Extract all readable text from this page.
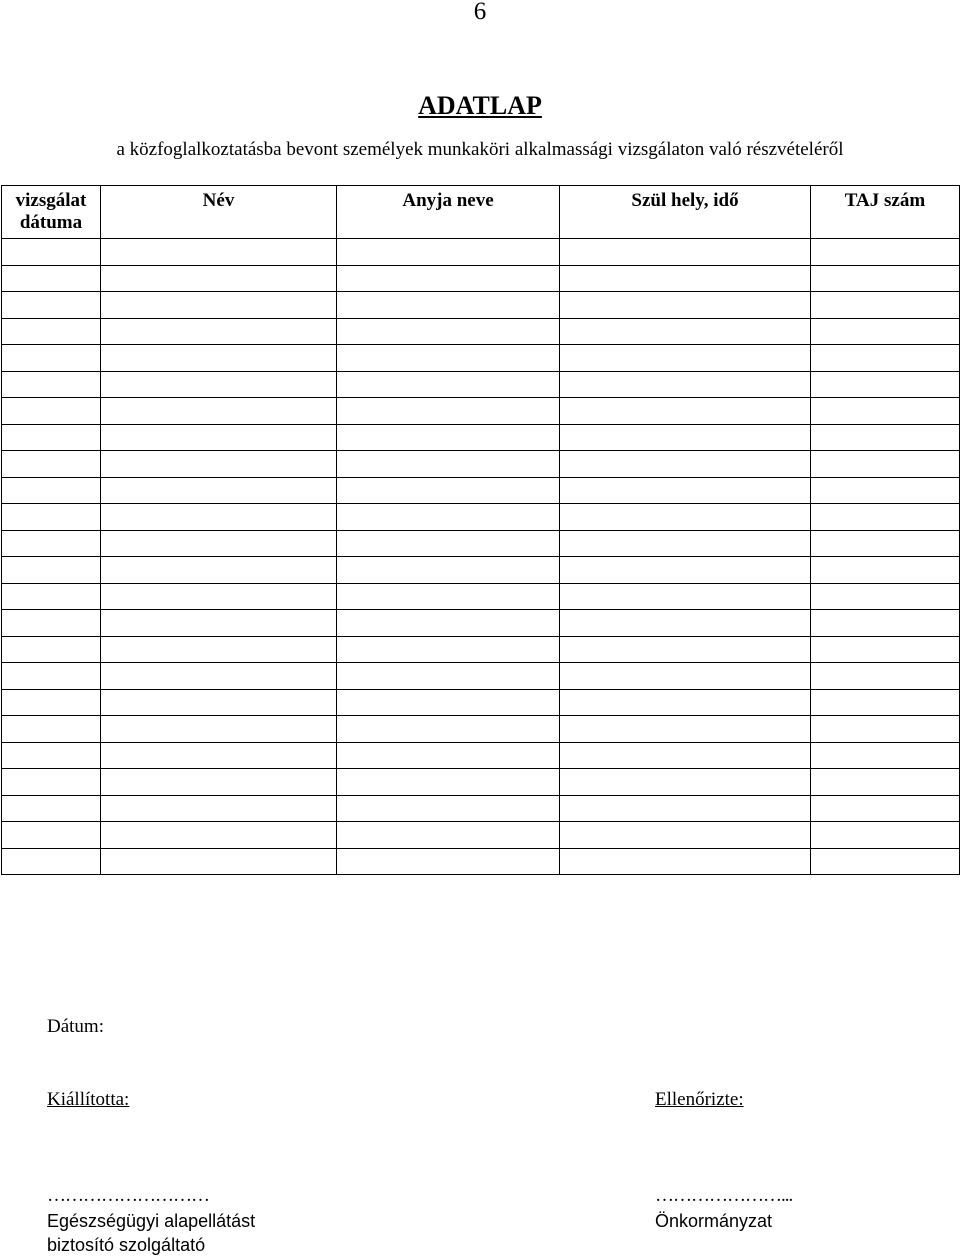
6
ADATLAP
a közfoglalkoztatásba bevont személyek munkaköri alkalmassági vizsgálaton való részvételéről
vizsgálat dátuma	Név	Anyja neve	Szül hely, idő	TAJ szám

Dátum:
Kiállította:	Ellenőrizte:
………………………	…………………...
Egészségügyi alapellátást biztosító szolgáltató
Önkormányzat
